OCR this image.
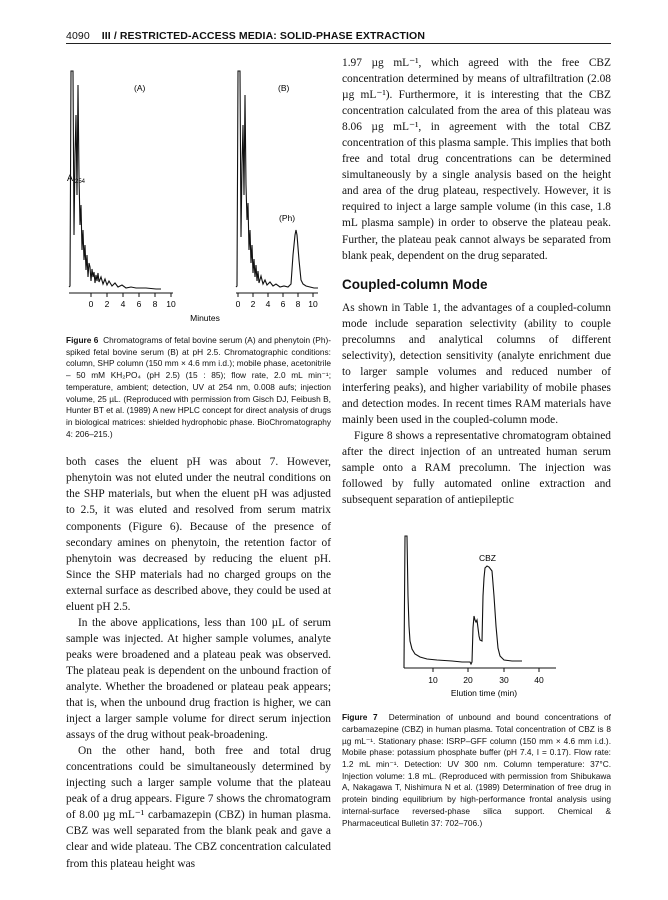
4090 III / RESTRICTED-ACCESS MEDIA: SOLID-PHASE EXTRACTION
A 254
(A)	(B)
(Ph)
0 2 4 6 8 10	0 2 4 6 8 10
Minutes

Figure 6 Chromatograms of fetal bovine serum (A) and phenytoin (Ph)-spiked fetal bovine serum (B) at pH 2.5. Chromatographic conditions: column, SHP column (150 mm × 4.6 mm i.d.); mobile phase, acetonitrile – 50 mM KH₂PO₄ (pH 2.5) (15 : 85); flow rate, 2.0 mL min⁻¹; temperature, ambient; detection, UV at 254 nm, 0.008 aufs; injection volume, 25 µL. (Reproduced with permission from Gisch DJ, Feibush B, Hunter BT et al. (1989) A new HPLC concept for direct analysis of drugs in biological matrices: shielded hydrophobic phase. BioChromatography 4: 206–215.)

both cases the eluent pH was about 7. However, phenytoin was not eluted under the neutral conditions on the SHP materials, but when the eluent pH was adjusted to 2.5, it was eluted and resolved from serum matrix components (Figure 6). Because of the presence of secondary amines on phenytoin, the retention factor of phenytoin was decreased by reducing the eluent pH. Since the SHP materials had no charged groups on the external surface as described above, they could be used at eluent pH 2.5.

In the above applications, less than 100 µL of serum sample was injected. At higher sample volumes, analyte peaks were broadened and a plateau peak was observed. The plateau peak is dependent on the unbound fraction of analyte. Whether the broadened or plateau peak appears; that is, when the unbound drug fraction is higher, we can inject a larger sample volume for direct serum injection assays of the drug without peak-broadening.

On the other hand, both free and total drug concentrations could be simultaneously determined by injecting such a larger sample volume that the plateau peak of a drug appears. Figure 7 shows the chromatogram of 8.00 µg mL⁻¹ carbamazepin (CBZ) in human plasma. CBZ was well separated from the blank peak and gave a clear and wide plateau. The CBZ concentration calculated from this plateau height was

1.97 µg mL⁻¹, which agreed with the free CBZ concentration determined by means of ultrafiltration (2.08 µg mL⁻¹). Furthermore, it is interesting that the CBZ concentration calculated from the area of this plateau was 8.06 µg mL⁻¹, in agreement with the total CBZ concentration of this plasma sample. This implies that both free and total drug concentrations can be determined simultaneously by a single analysis based on the height and area of the drug plateau, respectively. However, it is required to inject a large sample volume (in this case, 1.8 mL plasma sample) in order to observe the plateau peak. Further, the plateau peak cannot always be separated from blank peak, dependent on the drug separated.

Coupled-column Mode

As shown in Table 1, the advantages of a coupled-column mode include separation selectivity (ability to couple precolumns and analytical columns of different selectivity), detection sensitivity (analyte enrichment due to larger sample volumes and reduced number of interfering peaks), and higher variability of mobile phases and detection modes. In recent times RAM materials have mainly been used in the coupled-column mode.

Figure 8 shows a representative chromatogram obtained after the direct injection of an untreated human serum sample onto a RAM precolumn. The injection was followed by fully automated online extraction and subsequent separation of antiepileptic

CBZ
10	20	30	40
Elution time (min)

Figure 7 Determination of unbound and bound concentrations of carbamazepine (CBZ) in human plasma. Total concentration of CBZ is 8 µg mL⁻¹. Stationary phase: ISRP–GFF column (150 mm × 4.6 mm i.d.). Mobile phase: potassium phosphate buffer (pH 7.4, I = 0.17). Flow rate: 1.2 mL min⁻¹. Detection: UV 300 nm. Column temperature: 37°C. Injection volume: 1.8 mL. (Reproduced with permission from Shibukawa A, Nakagawa T, Nishimura N et al. (1989) Determination of free drug in protein binding equilibrium by high-performance frontal analysis using internal-surface reversed-phase silica support. Chemical & Pharmaceutical Bulletin 37: 702–706.)
